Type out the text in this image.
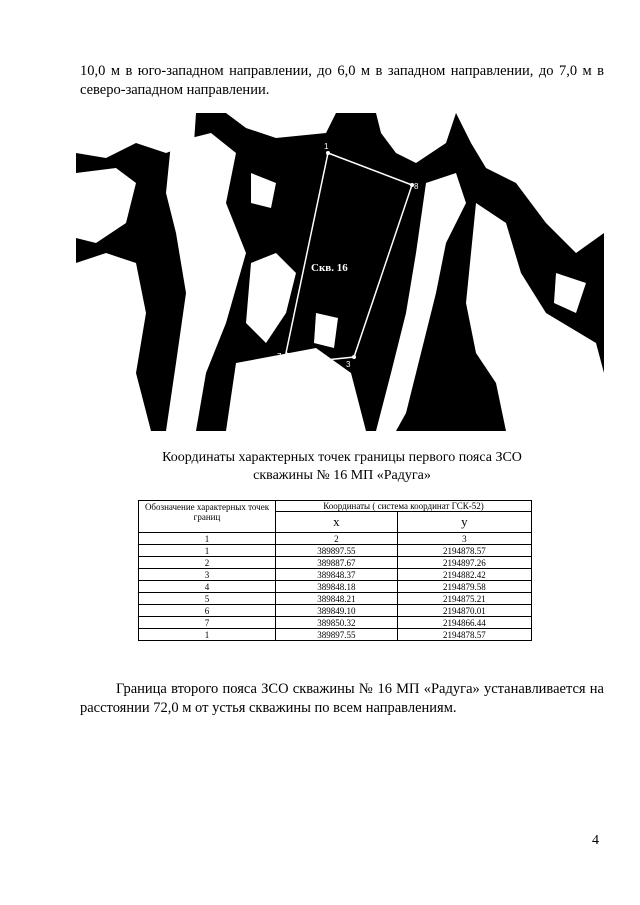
10,0 м в юго-западном направлении, до 6,0 м в западном направлении, до 7,0 м в северо-западном направлении.

1
8
7
6 5 4 3
2
Скв. 16

Координаты характерных точек границы первого пояса ЗСО
скважины № 16 МП «Радуга»

Обозначение характерных точек границ	Координаты ( система координат ГСК-52)	
	х	у
1	2	3
1	389897.55	2194878.57
2	389887.67	2194897.26
3	389848.37	2194882.42
4	389848.18	2194879.58
5	389848.21	2194875.21
6	389849.10	2194870.01
7	389850.32	2194866.44
1	389897.55	2194878.57

Граница второго пояса ЗСО скважины № 16 МП «Радуга» устанавливается на расстоянии 72,0 м от устья скважины по всем направлениям.

4
